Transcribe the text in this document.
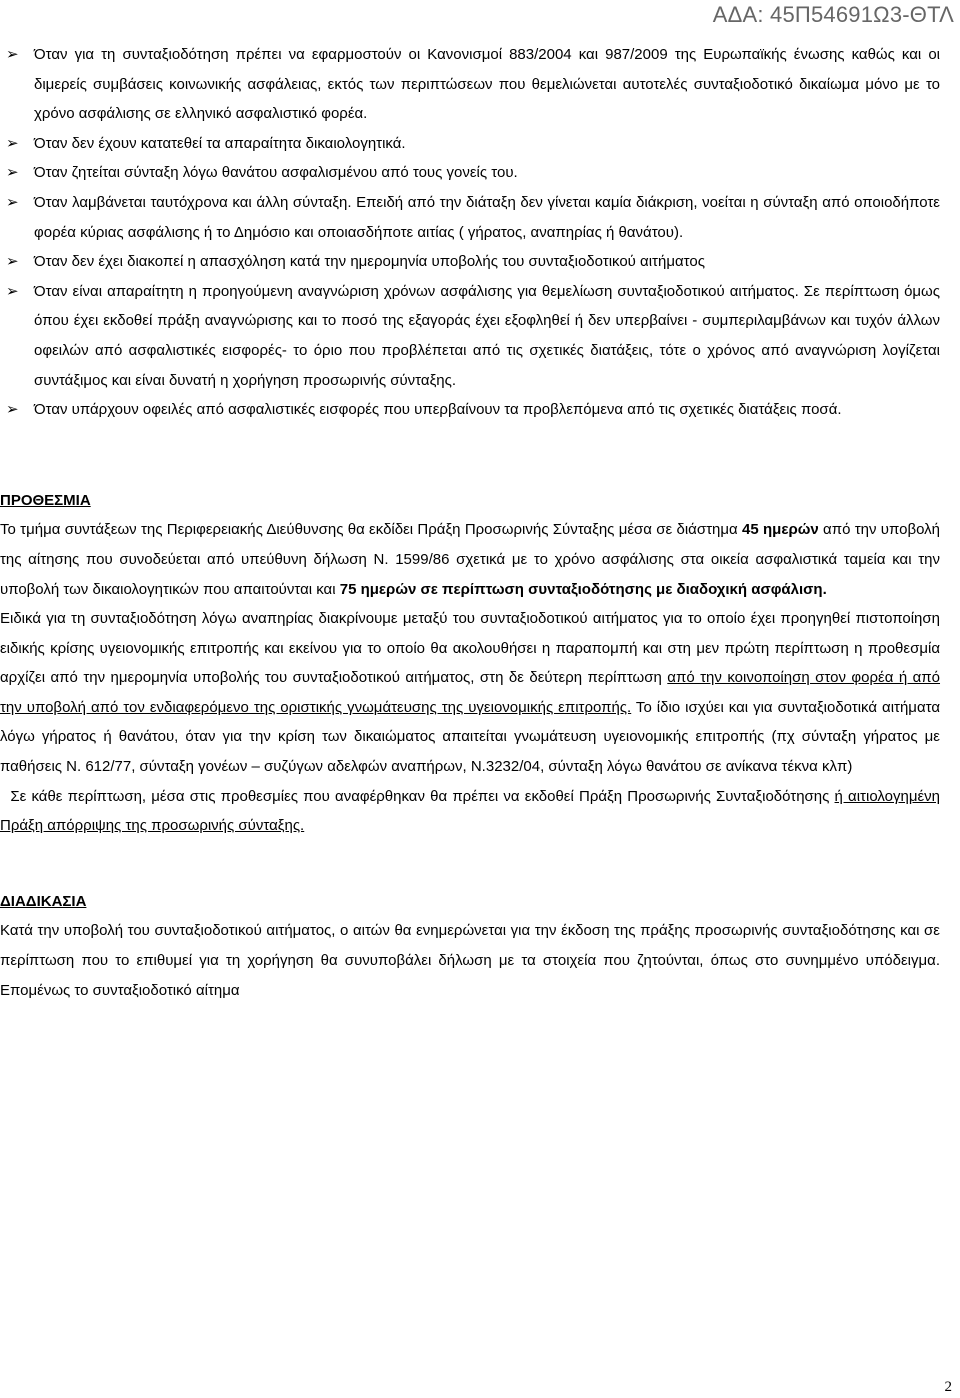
ΑΔΑ: 45Π54691Ω3-ΘΤΛ

➢ Όταν για τη συνταξιοδότηση πρέπει να εφαρμοστούν οι Κανονισμοί 883/2004 και 987/2009 της Ευρωπαϊκής ένωσης καθώς και οι διμερείς συμβάσεις κοινωνικής ασφάλειας, εκτός των περιπτώσεων που θεμελιώνεται αυτοτελές συνταξιοδοτικό δικαίωμα μόνο με το χρόνο ασφάλισης σε ελληνικό ασφαλιστικό φορέα.

➢ Όταν δεν έχουν κατατεθεί τα απαραίτητα δικαιολογητικά.

➢ Όταν ζητείται σύνταξη λόγω θανάτου ασφαλισμένου από τους γονείς του.

➢ Όταν λαμβάνεται ταυτόχρονα και άλλη σύνταξη. Επειδή από την διάταξη δεν γίνεται καμία διάκριση, νοείται η σύνταξη από οποιοδήποτε φορέα κύριας ασφάλισης ή το Δημόσιο και οποιασδήποτε αιτίας ( γήρατος, αναπηρίας ή θανάτου).

➢ Όταν δεν έχει διακοπεί η απασχόληση κατά την ημερομηνία υποβολής του συνταξιοδοτικού αιτήματος

➢ Όταν είναι απαραίτητη η προηγούμενη αναγνώριση χρόνων ασφάλισης για θεμελίωση συνταξιοδοτικού αιτήματος. Σε περίπτωση όμως όπου έχει εκδοθεί πράξη αναγνώρισης και το ποσό της εξαγοράς έχει εξοφληθεί ή δεν υπερβαίνει - συμπεριλαμβάνων και τυχόν άλλων οφειλών από ασφαλιστικές εισφορές- το όριο που προβλέπεται από τις σχετικές διατάξεις, τότε ο χρόνος από αναγνώριση λογίζεται συντάξιμος και είναι δυνατή η χορήγηση προσωρινής σύνταξης.

➢ Όταν υπάρχουν οφειλές από ασφαλιστικές εισφορές που υπερβαίνουν τα προβλεπόμενα από τις σχετικές διατάξεις ποσά.

ΠΡΟΘΕΣΜΙΑ

Το τμήμα συντάξεων της Περιφερειακής Διεύθυνσης θα εκδίδει Πράξη Προσωρινής Σύνταξης μέσα σε διάστημα 45 ημερών από την υποβολή της αίτησης που συνοδεύεται από υπεύθυνη δήλωση Ν. 1599/86 σχετικά με το χρόνο ασφάλισης στα οικεία ασφαλιστικά ταμεία και την υποβολή των δικαιολογητικών που απαιτούνται και 75 ημερών σε περίπτωση συνταξιοδότησης με διαδοχική ασφάλιση.

Ειδικά για τη συνταξιοδότηση λόγω αναπηρίας διακρίνουμε μεταξύ του συνταξιοδοτικού αιτήματος για το οποίο έχει προηγηθεί πιστοποίηση ειδικής κρίσης υγειονομικής επιτροπής και εκείνου για το οποίο θα ακολουθήσει η παραπομπή και στη μεν πρώτη περίπτωση η προθεσμία αρχίζει από την ημερομηνία υποβολής του συνταξιοδοτικού αιτήματος, στη δε δεύτερη περίπτωση από την κοινοποίηση στον φορέα ή από την υποβολή από τον ενδιαφερόμενο της οριστικής γνωμάτευσης της υγειονομικής επιτροπής. Το ίδιο ισχύει και για συνταξιοδοτικά αιτήματα λόγω γήρατος ή θανάτου, όταν για την κρίση των δικαιώματος απαιτείται γνωμάτευση υγειονομικής επιτροπής (πχ σύνταξη γήρατος με παθήσεις Ν. 612/77, σύνταξη γονέων – συζύγων αδελφών αναπήρων, Ν.3232/04, σύνταξη λόγω θανάτου σε ανίκανα τέκνα κλπ)

Σε κάθε περίπτωση, μέσα στις προθεσμίες που αναφέρθηκαν θα πρέπει να εκδοθεί Πράξη Προσωρινής Συνταξιοδότησης ή αιτιολογημένη Πράξη απόρριψης της προσωρινής σύνταξης.

ΔΙΑΔΙΚΑΣΙΑ

Κατά την υποβολή του συνταξιοδοτικού αιτήματος, ο αιτών θα ενημερώνεται για την έκδοση της πράξης προσωρινής συνταξιοδότησης και σε περίπτωση που το επιθυμεί για τη χορήγηση θα συνυποβάλει δήλωση με τα στοιχεία που ζητούνται, όπως στο συνημμένο υπόδειγμα. Επομένως το συνταξιοδοτικό αίτημα

2
